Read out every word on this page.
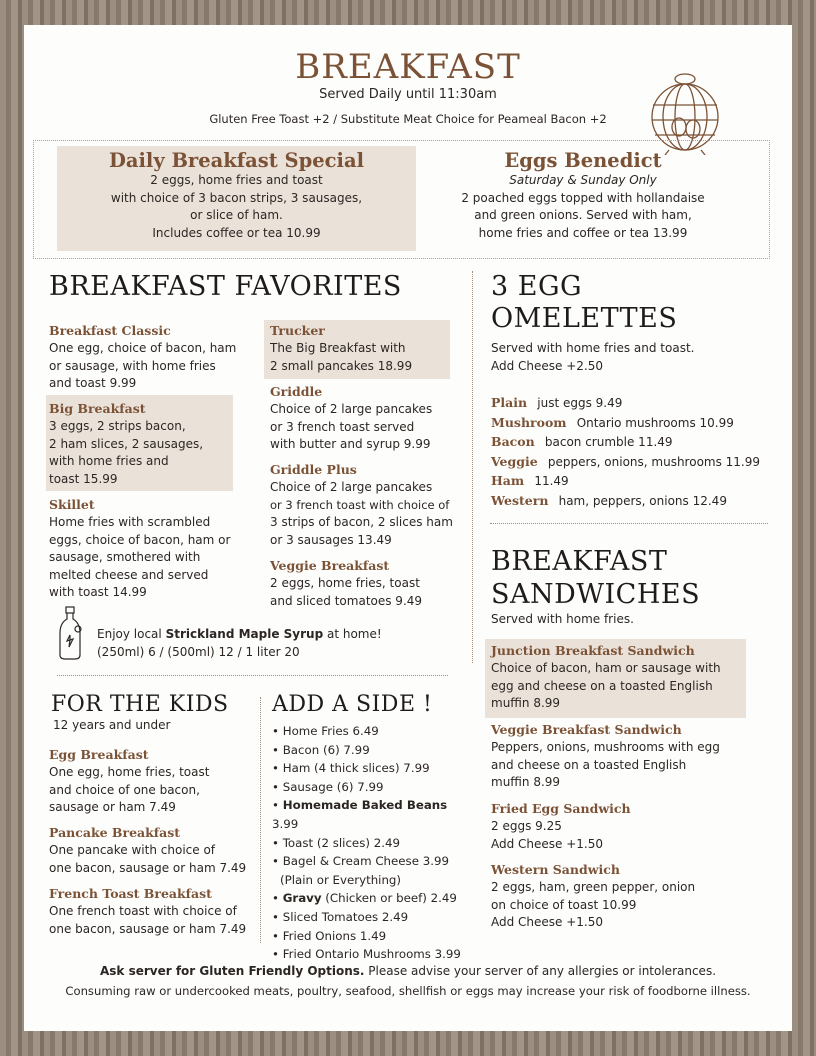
BREAKFAST
Served Daily until 11:30am
Gluten Free Toast +2 / Substitute Meat Choice for Peameal Bacon +2
Daily Breakfast Special
2 eggs, home fries and toast
with choice of 3 bacon strips, 3 sausages,
or slice of ham.
Includes coffee or tea 10.99
Eggs Benedict
Saturday & Sunday Only
2 poached eggs topped with hollandaise
and green onions. Served with ham,
home fries and coffee or tea 13.99
BREAKFAST FAVORITES
Breakfast Classic
One egg, choice of bacon, ham
or sausage, with home fries
and toast 9.99
Big Breakfast
3 eggs, 2 strips bacon,
2 ham slices, 2 sausages,
with home fries and
toast 15.99
Skillet
Home fries with scrambled
eggs, choice of bacon, ham or
sausage, smothered with
melted cheese and served
with toast 14.99
Trucker
The Big Breakfast with
2 small pancakes 18.99
Griddle
Choice of 2 large pancakes
or 3 french toast served
with butter and syrup 9.99
Griddle Plus
Choice of 2 large pancakes
or 3 french toast with choice of
3 strips of bacon, 2 slices ham
or 3 sausages 13.49
Veggie Breakfast
2 eggs, home fries, toast
and sliced tomatoes 9.49
Enjoy local Strickland Maple Syrup at home!
(250ml) 6 / (500ml) 12 / 1 liter 20
FOR THE KIDS
12 years and under
Egg Breakfast
One egg, home fries, toast
and choice of one bacon,
sausage or ham 7.49
Pancake Breakfast
One pancake with choice of
one bacon, sausage or ham 7.49
French Toast Breakfast
One french toast with choice of
one bacon, sausage or ham 7.49
ADD A SIDE !
• Home Fries 6.49
• Bacon (6) 7.99
• Ham (4 thick slices) 7.99
• Sausage (6) 7.99
• Homemade Baked Beans 3.99
• Toast (2 slices) 2.49
• Bagel & Cream Cheese 3.99
(Plain or Everything)
• Gravy (Chicken or beef) 2.49
• Sliced Tomatoes 2.49
• Fried Onions 1.49
• Fried Ontario Mushrooms 3.99
3 EGG
OMELETTES
Served with home fries and toast.
Add Cheese +2.50
Plain just eggs 9.49
Mushroom Ontario mushrooms 10.99
Bacon bacon crumble 11.49
Veggie peppers, onions, mushrooms 11.99
Ham 11.49
Western ham, peppers, onions 12.49
BREAKFAST
SANDWICHES
Served with home fries.
Junction Breakfast Sandwich
Choice of bacon, ham or sausage with
egg and cheese on a toasted English
muffin 8.99
Veggie Breakfast Sandwich
Peppers, onions, mushrooms with egg
and cheese on a toasted English
muffin 8.99
Fried Egg Sandwich
2 eggs 9.25
Add Cheese +1.50
Western Sandwich
2 eggs, ham, green pepper, onion
on choice of toast 10.99
Add Cheese +1.50
Ask server for Gluten Friendly Options. Please advise your server of any allergies or intolerances.
Consuming raw or undercooked meats, poultry, seafood, shellfish or eggs may increase your risk of foodborne illness.
